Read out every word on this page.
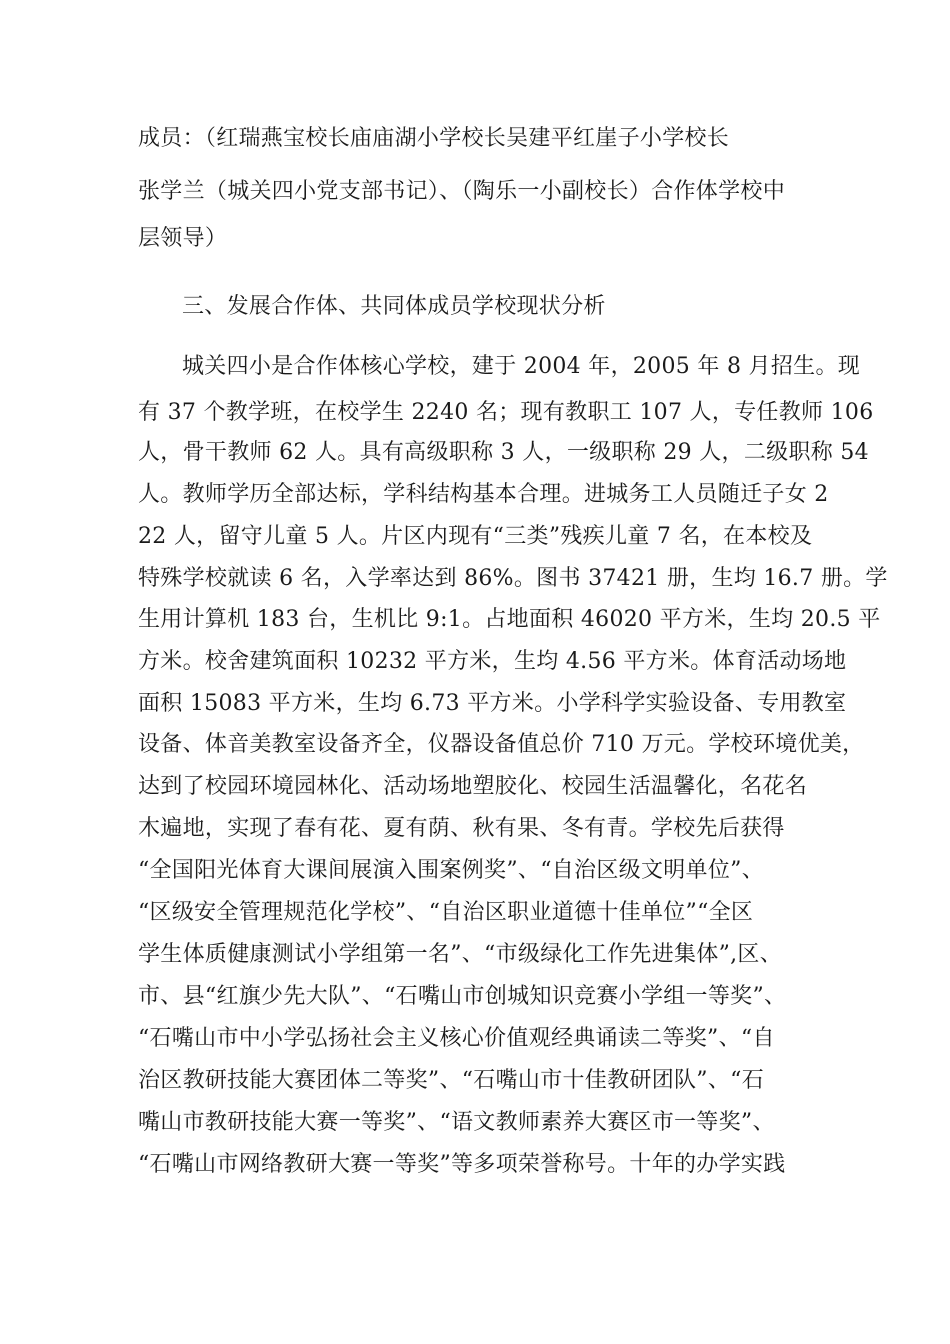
成员：（红瑞燕宝校长庙庙湖小学校长吴建平红崖子小学校长
张学兰（城关四小党支部书记）、（陶乐一小副校长）合作体学校中
层领导）
三、发展合作体、共同体成员学校现状分析
城关四小是合作体核心学校，建于 2004 年，2005 年 8 月招生。现
有 37 个教学班，在校学生 2240 名；现有教职工 107 人，专任教师 106
人，骨干教师 62 人。具有高级职称 3 人，一级职称 29 人，二级职称 54
人。教师学历全部达标，学科结构基本合理。进城务工人员随迁子女 2
22 人，留守儿童 5 人。片区内现有“三类”残疾儿童 7 名，在本校及
特殊学校就读 6 名，入学率达到 86%。图书 37421 册，生均 16.7 册。学
生用计算机 183 台，生机比 9:1。占地面积 46020 平方米，生均 20.5 平
方米。校舍建筑面积 10232 平方米，生均 4.56 平方米。体育活动场地
面积 15083 平方米，生均 6.73 平方米。小学科学实验设备、专用教室
设备、体音美教室设备齐全，仪器设备值总价 710 万元。学校环境优美，
达到了校园环境园林化、活动场地塑胶化、校园生活温馨化，名花名
木遍地，实现了春有花、夏有荫、秋有果、冬有青。学校先后获得
“全国阳光体育大课间展演入围案例奖”、“自治区级文明单位”、
“区级安全管理规范化学校”、“自治区职业道德十佳单位”“全区
学生体质健康测试小学组第一名”、“市级绿化工作先进集体”,区、
市、县“红旗少先大队”、“石嘴山市创城知识竞赛小学组一等奖”、
“石嘴山市中小学弘扬社会主义核心价值观经典诵读二等奖”、“自
治区教研技能大赛团体二等奖”、“石嘴山市十佳教研团队”、“石
嘴山市教研技能大赛一等奖”、“语文教师素养大赛区市一等奖”、
“石嘴山市网络教研大赛一等奖”等多项荣誉称号。十年的办学实践
